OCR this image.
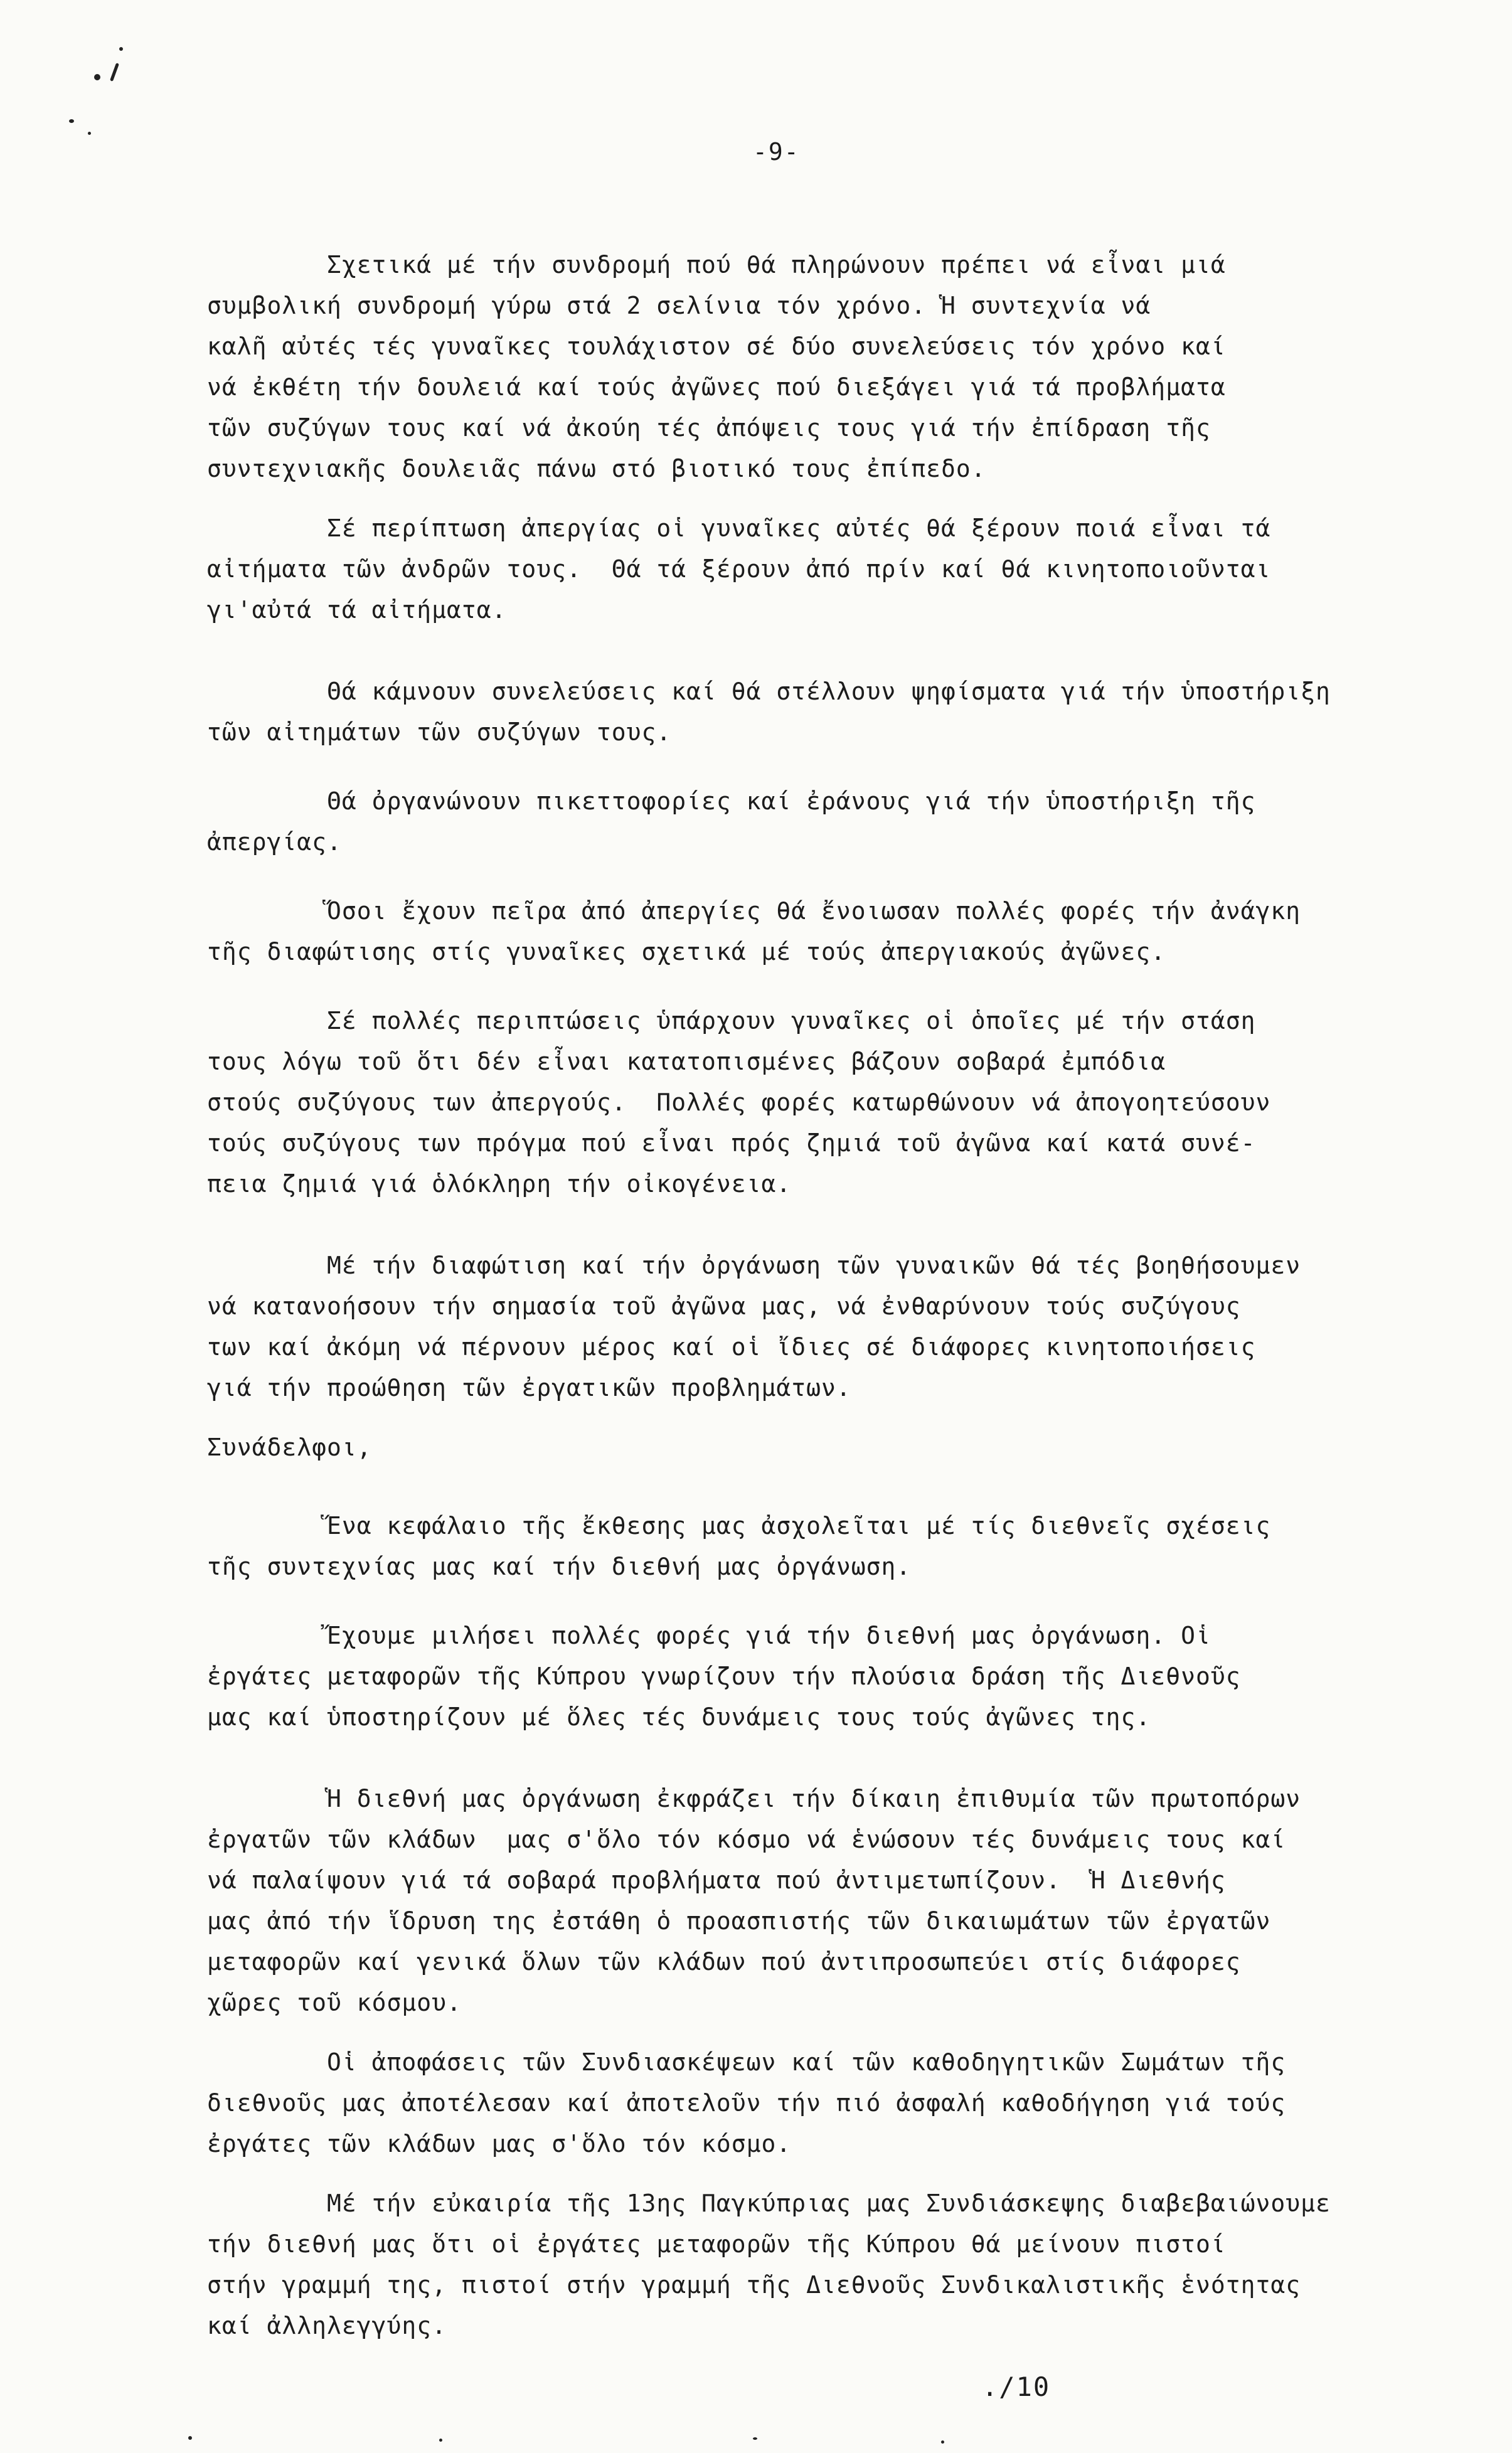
-9-

Σχετικά μέ τήν συνδρομή πού θά πληρώνουν πρέπει νά εἶναι μιά
συμβολική συνδρομή γύρω στά 2 σελίνια τόν χρόνο. Ἡ συντεχνία νά
καλῆ αὐτές τές γυναῖκες τουλάχιστον σέ δύο συνελεύσεις τόν χρόνο καί
νά ἐκθέτη τήν δουλειά καί τούς ἀγῶνες πού διεξάγει γιά τά προβλήματα
τῶν συζύγων τους καί νά ἀκούη τές ἀπόψεις τους γιά τήν ἐπίδραση τῆς
συντεχνιακῆς δουλειᾶς πάνω στό βιοτικό τους ἐπίπεδο.

Σέ περίπτωση ἀπεργίας οἱ γυναῖκες αὐτές θά ξέρουν ποιά εἶναι τά
αἰτήματα τῶν ἀνδρῶν τους.  Θά τά ξέρουν ἀπό πρίν καί θά κινητοποιοῦνται
γι'αὐτά τά αἰτήματα.

Θά κάμνουν συνελεύσεις καί θά στέλλουν ψηφίσματα γιά τήν ὑποστήριξη
τῶν αἰτημάτων τῶν συζύγων τους.

Θά ὀργανώνουν πικεττοφορίες καί ἐράνους γιά τήν ὑποστήριξη τῆς
ἀπεργίας.

Ὅσοι ἔχουν πεῖρα ἀπό ἀπεργίες θά ἔνοιωσαν πολλές φορές τήν ἀνάγκη
τῆς διαφώτισης στίς γυναῖκες σχετικά μέ τούς ἀπεργιακούς ἀγῶνες.

Σέ πολλές περιπτώσεις ὑπάρχουν γυναῖκες οἱ ὁποῖες μέ τήν στάση
τους λόγω τοῦ ὅτι δέν εἶναι κατατοπισμένες βάζουν σοβαρά ἐμπόδια
στούς συζύγους των ἀπεργούς.  Πολλές φορές κατωρθώνουν νά ἀπογοητεύσουν
τούς συζύγους των πρόγμα πού εἶναι πρός ζημιά τοῦ ἀγῶνα καί κατά συνέ-
πεια ζημιά γιά ὁλόκληρη τήν οἰκογένεια.

Μέ τήν διαφώτιση καί τήν ὀργάνωση τῶν γυναικῶν θά τές βοηθήσουμεν
νά κατανοήσουν τήν σημασία τοῦ ἀγῶνα μας, νά ἐνθαρύνουν τούς συζύγους
των καί ἀκόμη νά πέρνουν μέρος καί οἱ ἴδιες σέ διάφορες κινητοποιήσεις
γιά τήν προώθηση τῶν ἐργατικῶν προβλημάτων.

Συνάδελφοι,

Ἕνα κεφάλαιο τῆς ἔκθεσης μας ἀσχολεῖται μέ τίς διεθνεῖς σχέσεις
τῆς συντεχνίας μας καί τήν διεθνή μας ὀργάνωση.

Ἔχουμε μιλήσει πολλές φορές γιά τήν διεθνή μας ὀργάνωση. Οἱ
ἐργάτες μεταφορῶν τῆς Κύπρου γνωρίζουν τήν πλούσια δράση τῆς Διεθνοῦς
μας καί ὑποστηρίζουν μέ ὅλες τές δυνάμεις τους τούς ἀγῶνες της.

Ἡ διεθνή μας ὀργάνωση ἐκφράζει τήν δίκαιη ἐπιθυμία τῶν πρωτοπόρων
ἐργατῶν τῶν κλάδων  μας σ'ὅλο τόν κόσμο νά ἑνώσουν τές δυνάμεις τους καί
νά παλαίψουν γιά τά σοβαρά προβλήματα πού ἀντιμετωπίζουν.  Ἡ Διεθνής
μας ἀπό τήν ἵδρυση της ἐστάθη ὁ προασπιστής τῶν δικαιωμάτων τῶν ἐργατῶν
μεταφορῶν καί γενικά ὅλων τῶν κλάδων πού ἀντιπροσωπεύει στίς διάφορες
χῶρες τοῦ κόσμου.

Οἱ ἀποφάσεις τῶν Συνδιασκέψεων καί τῶν καθοδηγητικῶν Σωμάτων τῆς
διεθνοῦς μας ἀποτέλεσαν καί ἀποτελοῦν τήν πιό ἀσφαλή καθοδήγηση γιά τούς
ἐργάτες τῶν κλάδων μας σ'ὅλο τόν κόσμο.

Μέ τήν εὐκαιρία τῆς 13ης Παγκύπριας μας Συνδιάσκεψης διαβεβαιώνουμε
τήν διεθνή μας ὅτι οἱ ἐργάτες μεταφορῶν τῆς Κύπρου θά μείνουν πιστοί
στήν γραμμή της, πιστοί στήν γραμμή τῆς Διεθνοῦς Συνδικαλιστικῆς ἑνότητας
καί ἀλληλεγγύης.

./10
